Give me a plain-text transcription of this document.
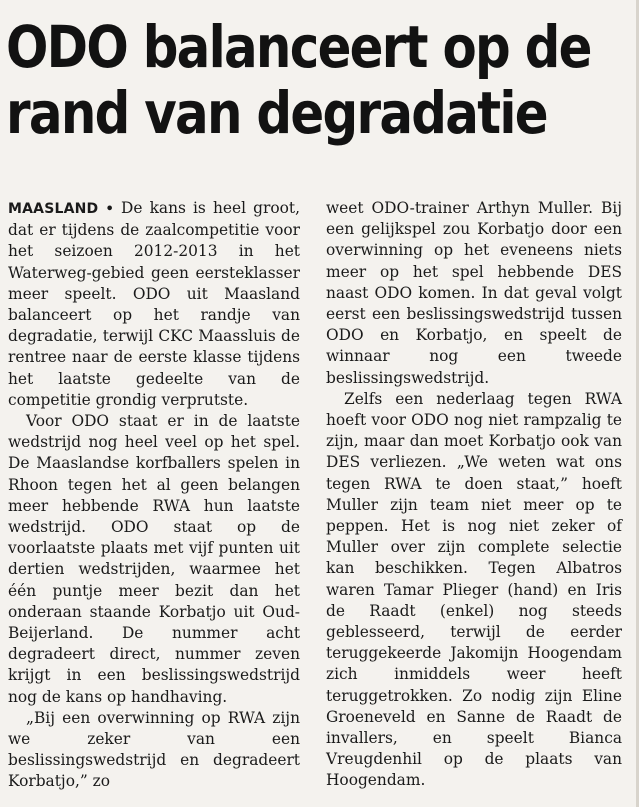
ODO balanceert op de
rand van degradatie

MAASLAND • De kans is heel groot, dat er tijdens de zaalcompetitie voor het seizoen 2012-2013 in het Waterweg-gebied geen eersteklasser meer speelt. ODO uit Maasland balanceert op het randje van degradatie, terwijl CKC Maassluis de rentree naar de eerste klasse tijdens het laatste gedeelte van de competitie grondig verprutste.

Voor ODO staat er in de laatste wedstrijd nog heel veel op het spel. De Maaslandse korfballers spelen in Rhoon tegen het al geen belangen meer hebbende RWA hun laatste wedstrijd. ODO staat op de voorlaatste plaats met vijf punten uit dertien wedstrijden, waarmee het één puntje meer bezit dan het onderaan staande Korbatjo uit Oud-Beijerland. De nummer acht degradeert direct, nummer zeven krijgt in een beslissingswedstrijd nog de kans op handhaving.

„Bij een overwinning op RWA zijn we zeker van een beslissingswedstrijd en degradeert Korbatjo,” zo

weet ODO-trainer Arthyn Muller. Bij een gelijkspel zou Korbatjo door een overwinning op het eveneens niets meer op het spel hebbende DES naast ODO komen. In dat geval volgt eerst een beslissingswedstrijd tussen ODO en Korbatjo, en speelt de winnaar nog een tweede beslissingswedstrijd.

Zelfs een nederlaag tegen RWA hoeft voor ODO nog niet rampzalig te zijn, maar dan moet Korbatjo ook van DES verliezen. „We weten wat ons tegen RWA te doen staat,” hoeft Muller zijn team niet meer op te peppen. Het is nog niet zeker of Muller over zijn complete selectie kan beschikken. Tegen Albatros waren Tamar Plieger (hand) en Iris de Raadt (enkel) nog steeds geblesseerd, terwijl de eerder teruggekeerde Jakomijn Hoogendam zich inmiddels weer heeft teruggetrokken. Zo nodig zijn Eline Groeneveld en Sanne de Raadt de invallers, en speelt Bianca Vreugdenhil op de plaats van Hoogendam.
